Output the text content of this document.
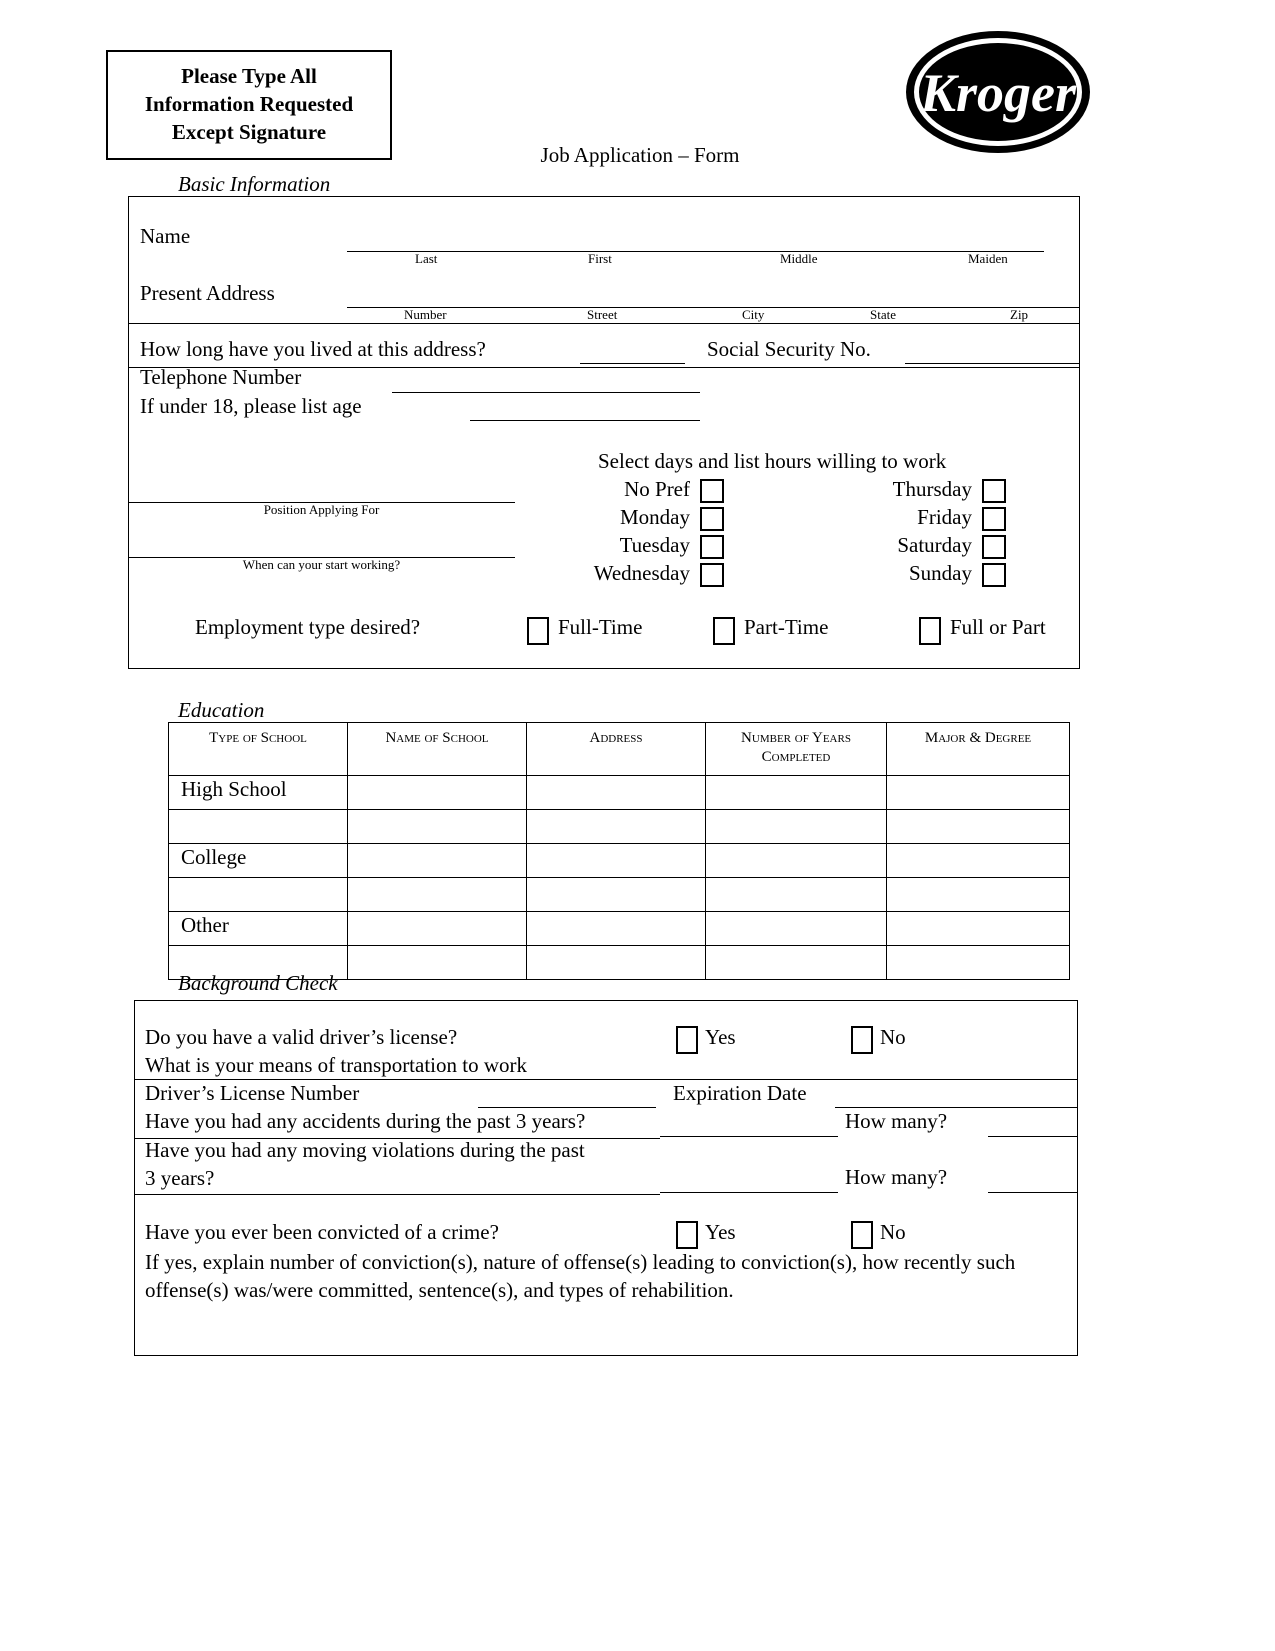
Please Type All
Information Requested
Except Signature
Job Application – Form
Kroger
Basic Information
Name
Last	First	Middle	Maiden
Present Address
Number	Street	City	State	Zip
How long have you lived at this address?	Social Security No.
Telephone Number
If under 18, please list age
Select days and list hours willing to work
No Pref
Monday
Tuesday
Wednesday
Thursday
Friday
Saturday
Sunday
Position Applying For
When can your start working?
Employment type desired?	Full-Time	Part-Time	Full or Part
Education
Type of School	Name of School	Address	Number of Years Completed	Major & Degree
High School				

College				

Other				

Background Check
Do you have a valid driver’s license?	Yes	No
What is your means of transportation to work
Driver’s License Number	Expiration Date
Have you had any accidents during the past 3 years?	How many?
Have you had any moving violations during the past
3 years?	How many?
Have you ever been convicted of a crime?	Yes	No
If yes, explain number of conviction(s), nature of offense(s) leading to conviction(s), how recently such offense(s) was/were committed, sentence(s), and types of rehabilition.
